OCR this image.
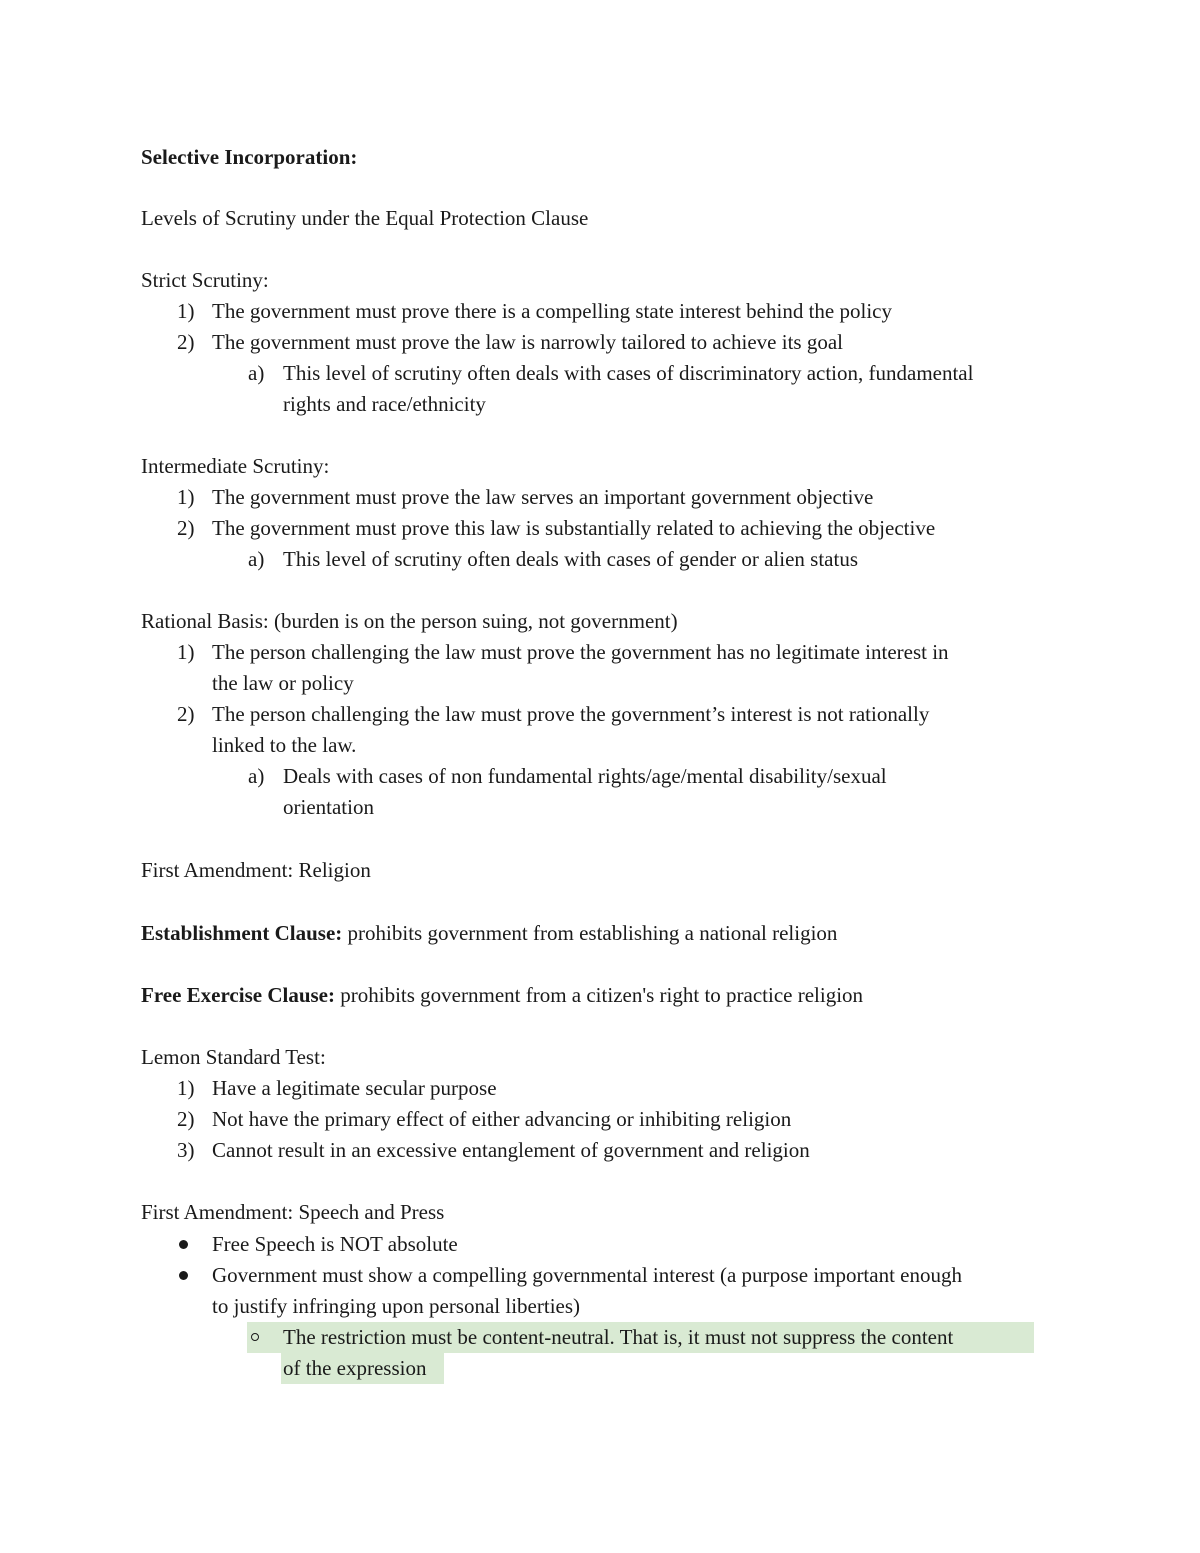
Selective Incorporation:
Levels of Scrutiny under the Equal Protection Clause
Strict Scrutiny:
1) The government must prove there is a compelling state interest behind the policy
2) The government must prove the law is narrowly tailored to achieve its goal
a) This level of scrutiny often deals with cases of discriminatory action, fundamental
rights and race/ethnicity
Intermediate Scrutiny:
1) The government must prove the law serves an important government objective
2) The government must prove this law is substantially related to achieving the objective
a) This level of scrutiny often deals with cases of gender or alien status
Rational Basis: (burden is on the person suing, not government)
1) The person challenging the law must prove the government has no legitimate interest in
the law or policy
2) The person challenging the law must prove the government’s interest is not rationally
linked to the law.
a) Deals with cases of non fundamental rights/age/mental disability/sexual
orientation
First Amendment: Religion
Establishment Clause: prohibits government from establishing a national religion
Free Exercise Clause: prohibits government from a citizen's right to practice religion
Lemon Standard Test:
1) Have a legitimate secular purpose
2) Not have the primary effect of either advancing or inhibiting religion
3) Cannot result in an excessive entanglement of government and religion
First Amendment: Speech and Press
Free Speech is NOT absolute
Government must show a compelling governmental interest (a purpose important enough
to justify infringing upon personal liberties)
The restriction must be content-neutral. That is, it must not suppress the content
of the expression
